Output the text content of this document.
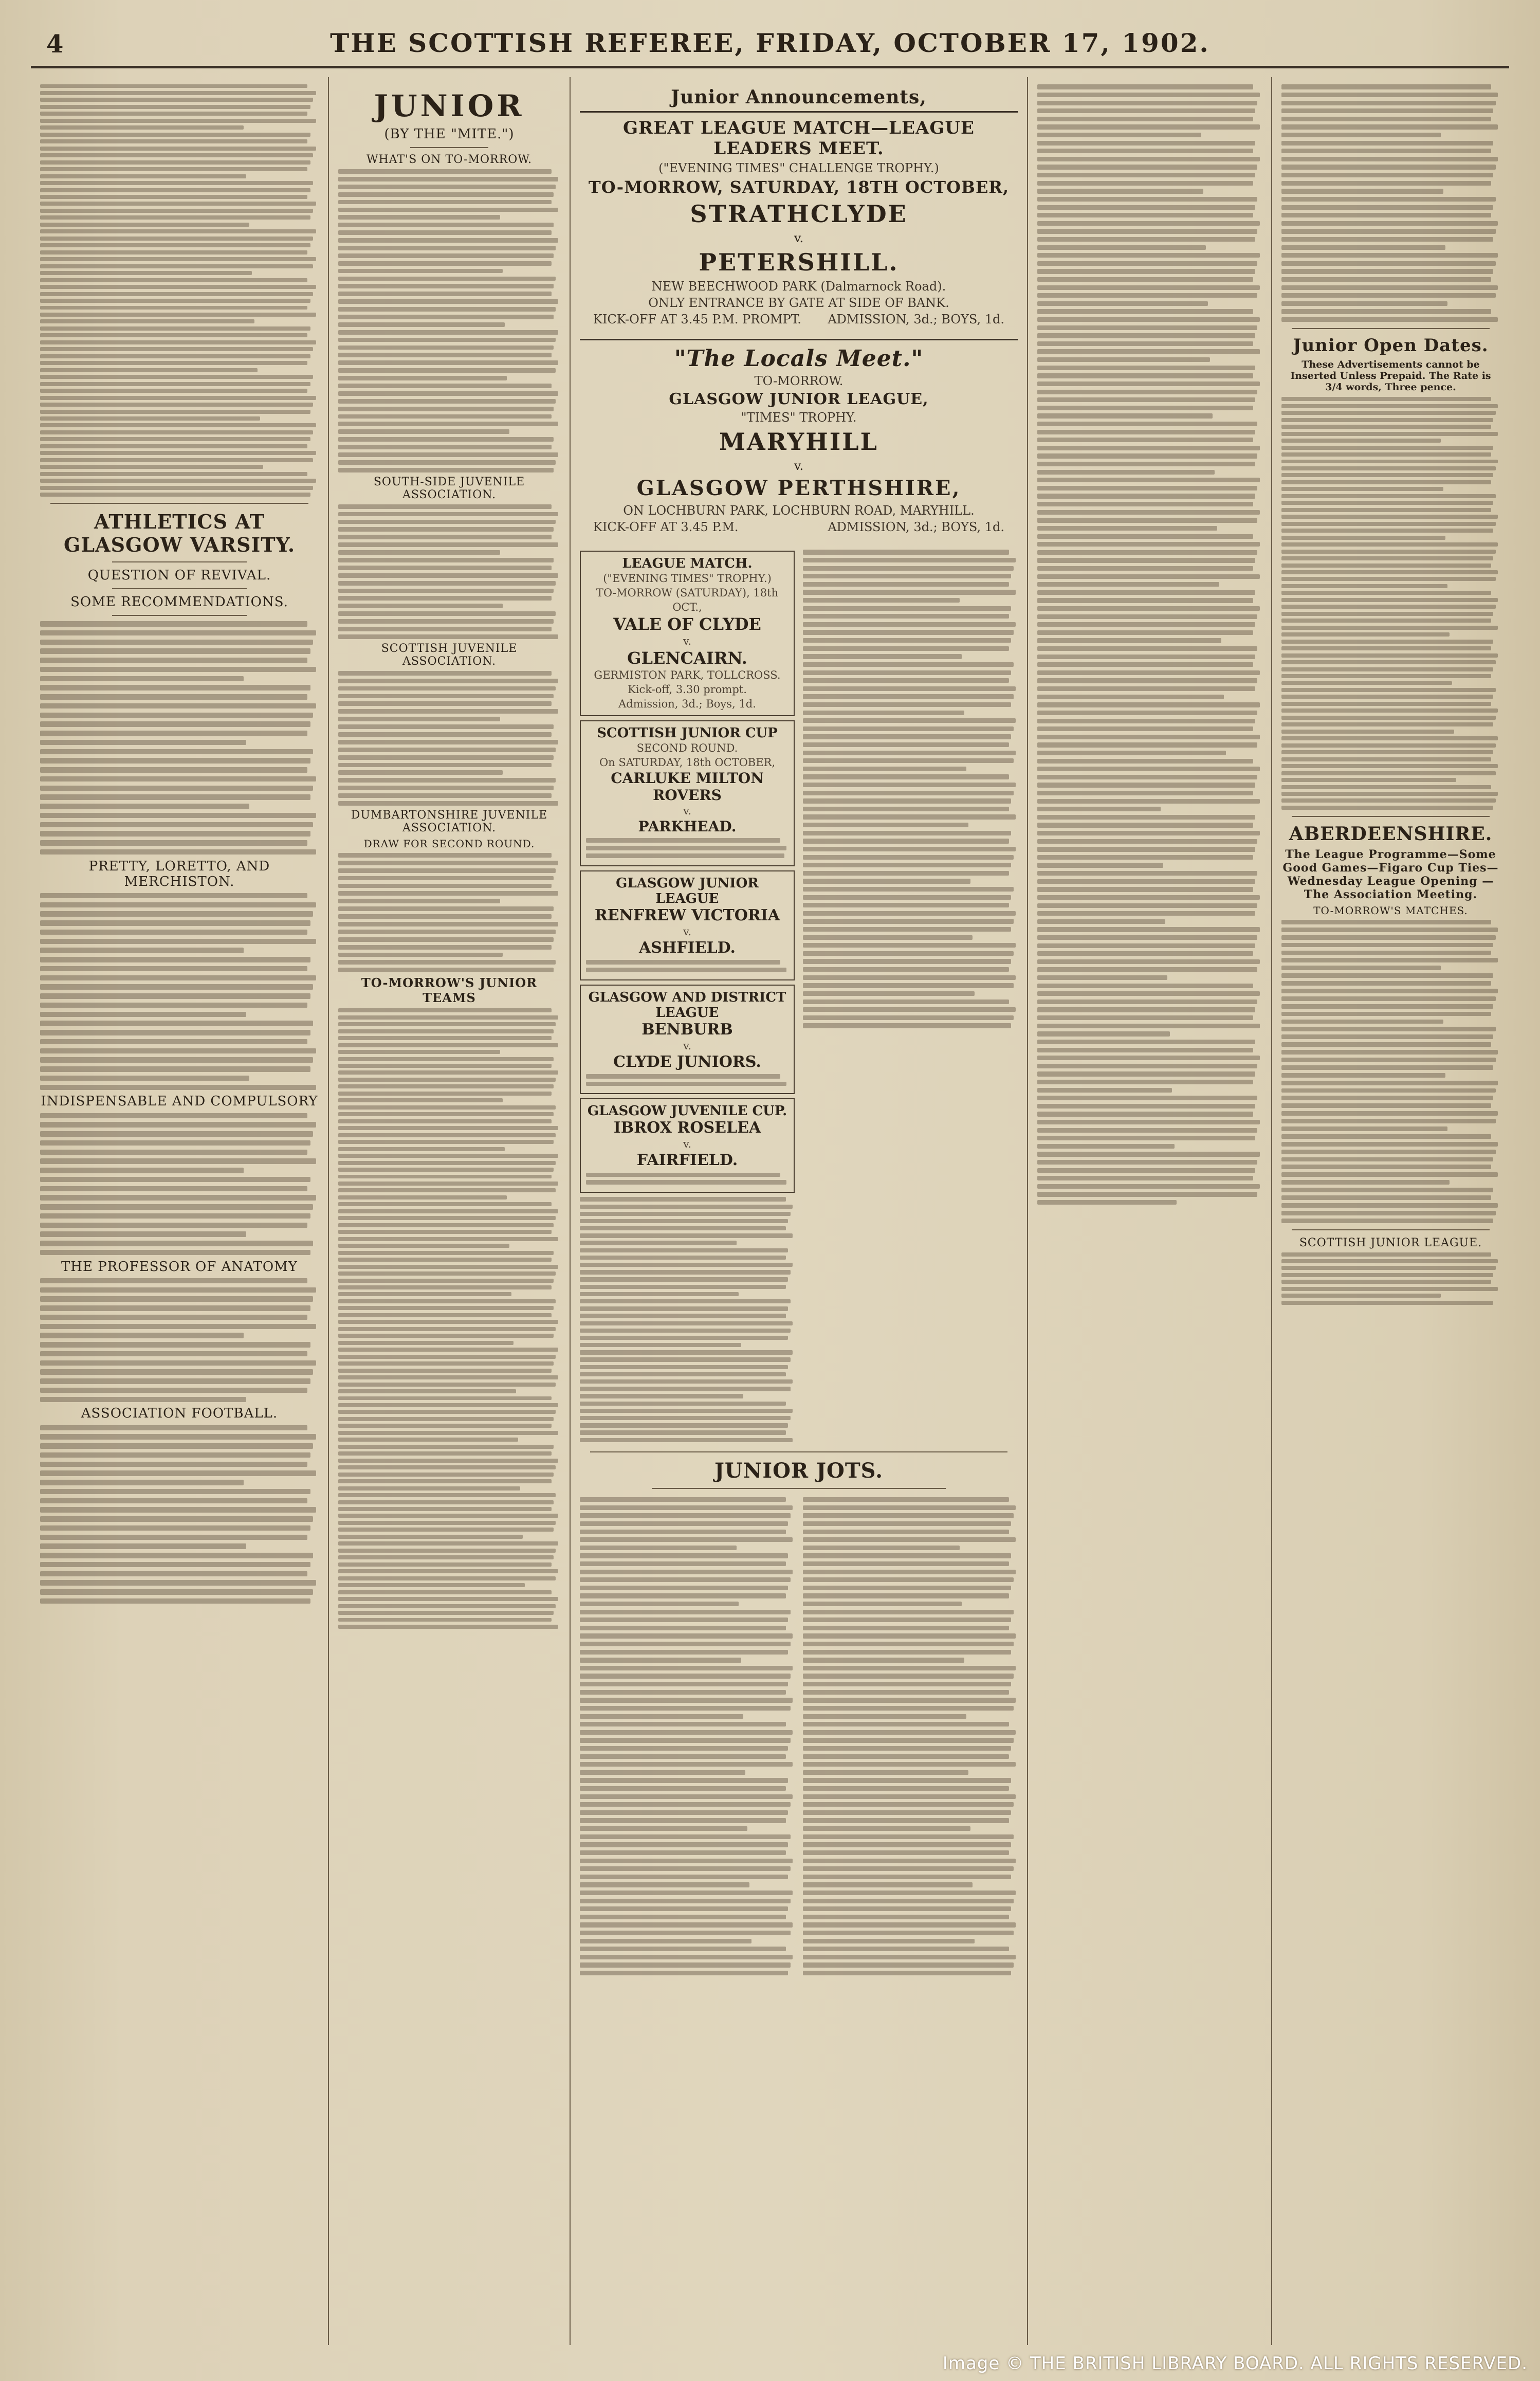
4	THE SCOTTISH REFEREE, FRIDAY, OCTOBER 17, 1902.
ATHLETICS AT GLASGOW VARSITY.
QUESTION OF REVIVAL.
SOME RECOMMENDATIONS.
PRETTY, LORETTO, AND MERCHISTON.
INDISPENSABLE AND COMPULSORY
THE PROFESSOR OF ANATOMY
ASSOCIATION FOOTBALL.
JUNIOR
(BY THE "MITE.")
WHAT'S ON TO-MORROW.
SOUTH-SIDE JUVENILE ASSOCIATION.
SCOTTISH JUVENILE ASSOCIATION.
DUMBARTONSHIRE JUVENILE ASSOCIATION.
DRAW FOR SECOND ROUND.
TO-MORROW'S JUNIOR TEAMS
Junior Announcements,
GREAT LEAGUE MATCH—LEAGUE LEADERS MEET.
("EVENING TIMES" CHALLENGE TROPHY.)
TO-MORROW, SATURDAY, 18TH OCTOBER,
STRATHCLYDE
v.
PETERSHILL.
NEW BEECHWOOD PARK (Dalmarnock Road).
ONLY ENTRANCE BY GATE AT SIDE OF BANK.
KICK-OFF AT 3.45 P.M. PROMPT. ADMISSION, 3d.; BOYS, 1d.
"The Locals Meet."
TO-MORROW.
GLASGOW JUNIOR LEAGUE,
"TIMES" TROPHY.
MARYHILL
v.
GLASGOW PERTHSHIRE,
ON LOCHBURN PARK, LOCHBURN ROAD, MARYHILL.
KICK-OFF AT 3.45 P.M.	ADMISSION, 3d.; BOYS, 1d.
LEAGUE MATCH.
("EVENING TIMES" TROPHY.)
TO-MORROW (SATURDAY), 18th OCT.,
VALE OF CLYDE
v.
GLENCAIRN.
GERMISTON PARK, TOLLCROSS.
Kick-off, 3.30 prompt.
Admission, 3d.; Boys, 1d.
SCOTTISH JUNIOR CUP
SECOND ROUND.
On SATURDAY, 18th OCTOBER,
CARLUKE MILTON ROVERS
v.
PARKHEAD.
GLASGOW JUNIOR LEAGUE
RENFREW VICTORIA
v.
ASHFIELD.
GLASGOW AND DISTRICT LEAGUE
BENBURB
v.
CLYDE JUNIORS.
GLASGOW JUVENILE CUP.
IBROX ROSELEA
v.
FAIRFIELD.
JUNIOR JOTS.
Junior Open Dates.
These Advertisements cannot be Inserted Unless Prepaid. The Rate is 3/4 words, Three pence.
ABERDEENSHIRE.
The League Programme—Some Good Games—Figaro Cup Ties—Wednesday League Opening — The Association Meeting.
TO-MORROW'S MATCHES.
SCOTTISH JUNIOR LEAGUE.
Image © THE BRITISH LIBRARY BOARD. ALL RIGHTS RESERVED.
